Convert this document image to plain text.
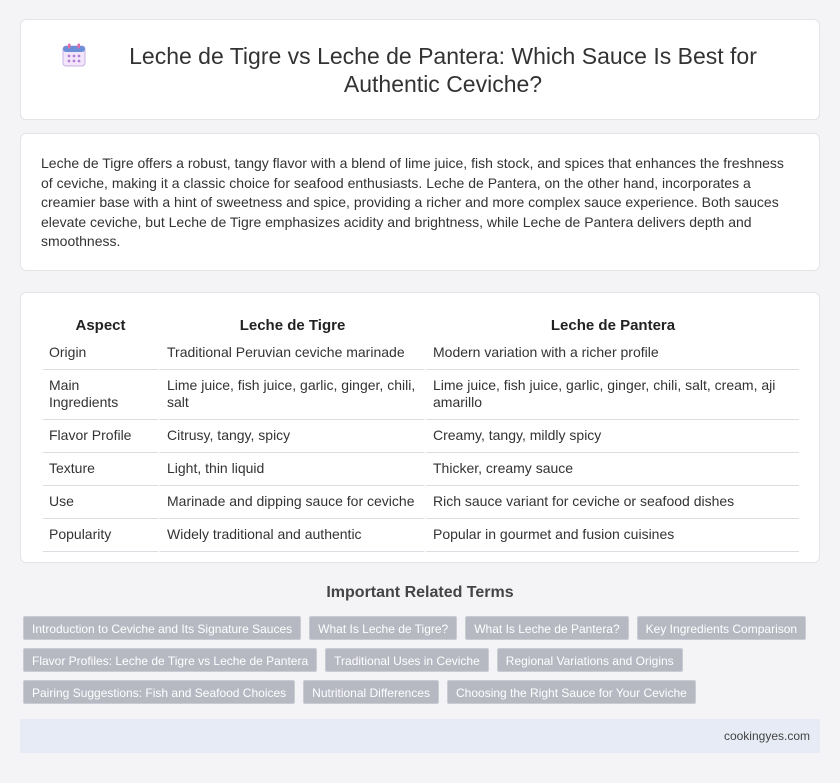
Leche de Tigre vs Leche de Pantera: Which Sauce Is Best for Authentic Ceviche?

Leche de Tigre offers a robust, tangy flavor with a blend of lime juice, fish stock, and spices that enhances the freshness of ceviche, making it a classic choice for seafood enthusiasts. Leche de Pantera, on the other hand, incorporates a creamier base with a hint of sweetness and spice, providing a richer and more complex sauce experience. Both sauces elevate ceviche, but Leche de Tigre emphasizes acidity and brightness, while Leche de Pantera delivers depth and smoothness.

Aspect	Leche de Tigre	Leche de Pantera
Origin	Traditional Peruvian ceviche marinade	Modern variation with a richer profile
Main Ingredients	Lime juice, fish juice, garlic, ginger, chili, salt	Lime juice, fish juice, garlic, ginger, chili, salt, cream, aji amarillo
Flavor Profile	Citrusy, tangy, spicy	Creamy, tangy, mildly spicy
Texture	Light, thin liquid	Thicker, creamy sauce
Use	Marinade and dipping sauce for ceviche	Rich sauce variant for ceviche or seafood dishes
Popularity	Widely traditional and authentic	Popular in gourmet and fusion cuisines
Important Related Terms
Introduction to Ceviche and Its Signature Sauces	What Is Leche de Tigre?	What Is Leche de Pantera?	Key Ingredients Comparison
Flavor Profiles: Leche de Tigre vs Leche de Pantera	Traditional Uses in Ceviche	Regional Variations and Origins
Pairing Suggestions: Fish and Seafood Choices	Nutritional Differences	Choosing the Right Sauce for Your Ceviche
cookingyes.com
